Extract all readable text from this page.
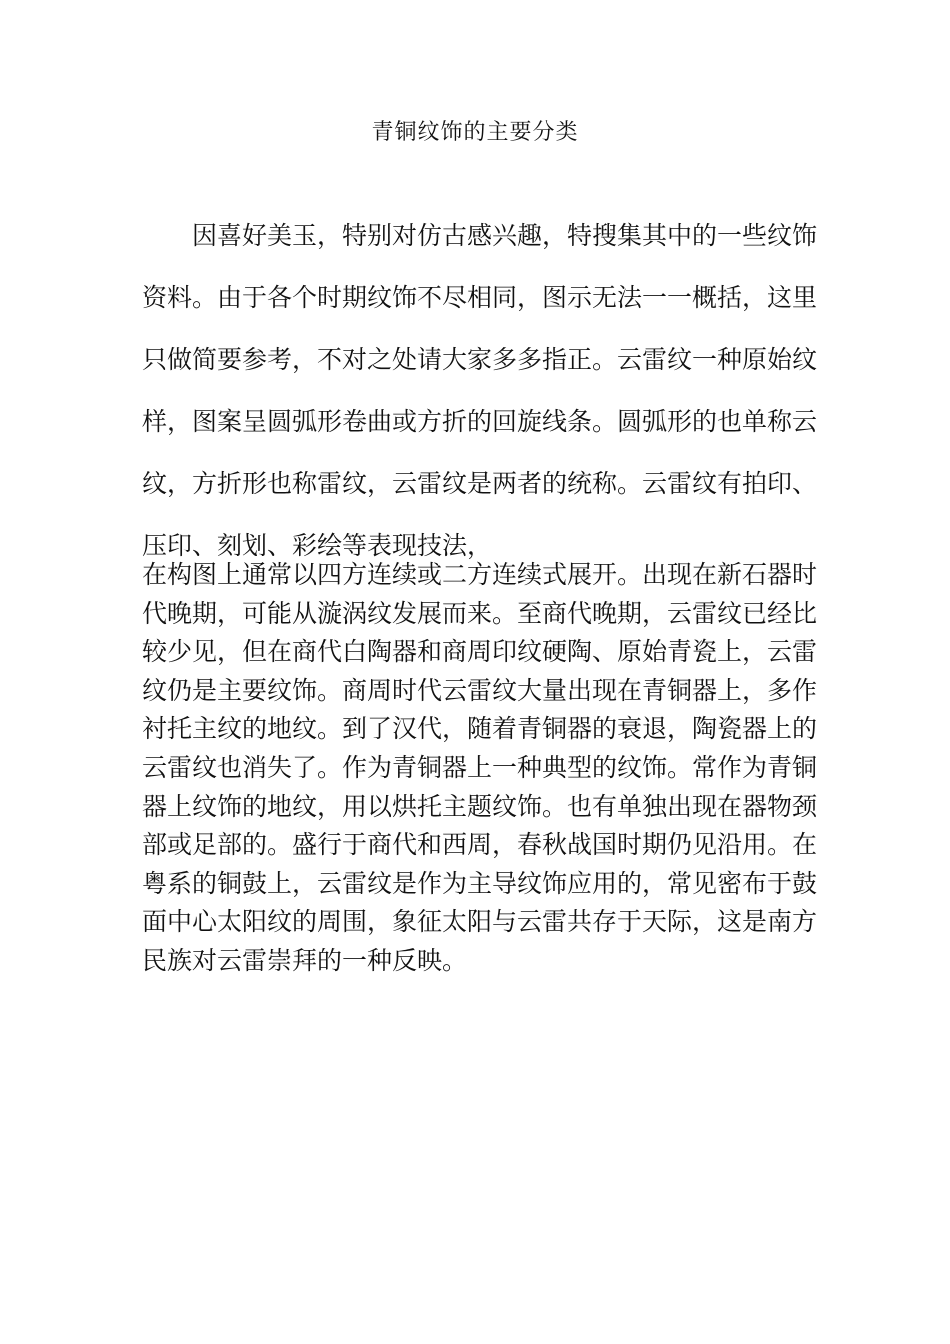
青铜纹饰的主要分类

因喜好美玉，特别对仿古感兴趣，特搜集其中的一些纹饰资料。由于各个时期纹饰不尽相同，图示无法一一概括，这里只做简要参考，不对之处请大家多多指正。云雷纹一种原始纹样，图案呈圆弧形卷曲或方折的回旋线条。圆弧形的也单称云纹，方折形也称雷纹，云雷纹是两者的统称。云雷纹有拍印、压印、刻划、彩绘等表现技法，

在构图上通常以四方连续或二方连续式展开。出现在新石器时代晚期，可能从漩涡纹发展而来。至商代晚期，云雷纹已经比较少见，但在商代白陶器和商周印纹硬陶、原始青瓷上，云雷纹仍是主要纹饰。商周时代云雷纹大量出现在青铜器上，多作衬托主纹的地纹。到了汉代，随着青铜器的衰退，陶瓷器上的云雷纹也消失了。作为青铜器上一种典型的纹饰。常作为青铜器上纹饰的地纹，用以烘托主题纹饰。也有单独出现在器物颈部或足部的。盛行于商代和西周，春秋战国时期仍见沿用。在粤系的铜鼓上，云雷纹是作为主导纹饰应用的，常见密布于鼓面中心太阳纹的周围，象征太阳与云雷共存于天际，这是南方民族对云雷崇拜的一种反映。
